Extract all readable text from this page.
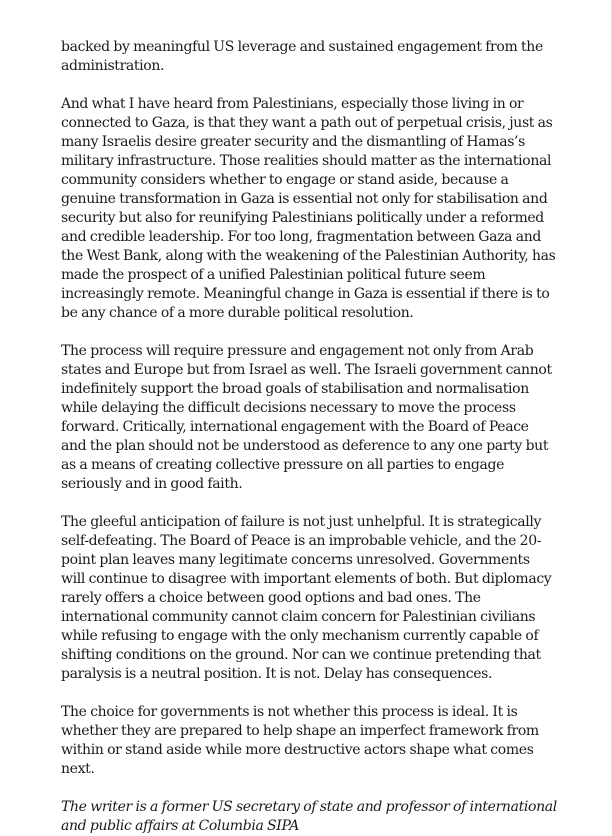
backed by meaningful US leverage and sustained engagement from the administration.

And what I have heard from Palestinians, especially those living in or connected to Gaza, is that they want a path out of perpetual crisis, just as many Israelis desire greater security and the dismantling of Hamas’s military infrastructure. Those realities should matter as the international community considers whether to engage or stand aside, because a genuine transformation in Gaza is essential not only for stabilisation and security but also for reunifying Palestinians politically under a reformed and credible leadership. For too long, fragmentation between Gaza and the West Bank, along with the weakening of the Palestinian Authority, has made the prospect of a unified Palestinian political future seem increasingly remote. Meaningful change in Gaza is essential if there is to be any chance of a more durable political resolution.

The process will require pressure and engagement not only from Arab states and Europe but from Israel as well. The Israeli government cannot indefinitely support the broad goals of stabilisation and normalisation while delaying the difficult decisions necessary to move the process forward. Critically, international engagement with the Board of Peace and the plan should not be understood as deference to any one party but as a means of creating collective pressure on all parties to engage seriously and in good faith.

The gleeful anticipation of failure is not just unhelpful. It is strategically self-defeating. The Board of Peace is an improbable vehicle, and the 20-point plan leaves many legitimate concerns unresolved. Governments will continue to disagree with important elements of both. But diplomacy rarely offers a choice between good options and bad ones. The international community cannot claim concern for Palestinian civilians while refusing to engage with the only mechanism currently capable of shifting conditions on the ground. Nor can we continue pretending that paralysis is a neutral position. It is not. Delay has consequences.

The choice for governments is not whether this process is ideal. It is whether they are prepared to help shape an imperfect framework from within or stand aside while more destructive actors shape what comes next.

The writer is a former US secretary of state and professor of international and public affairs at Columbia SIPA
